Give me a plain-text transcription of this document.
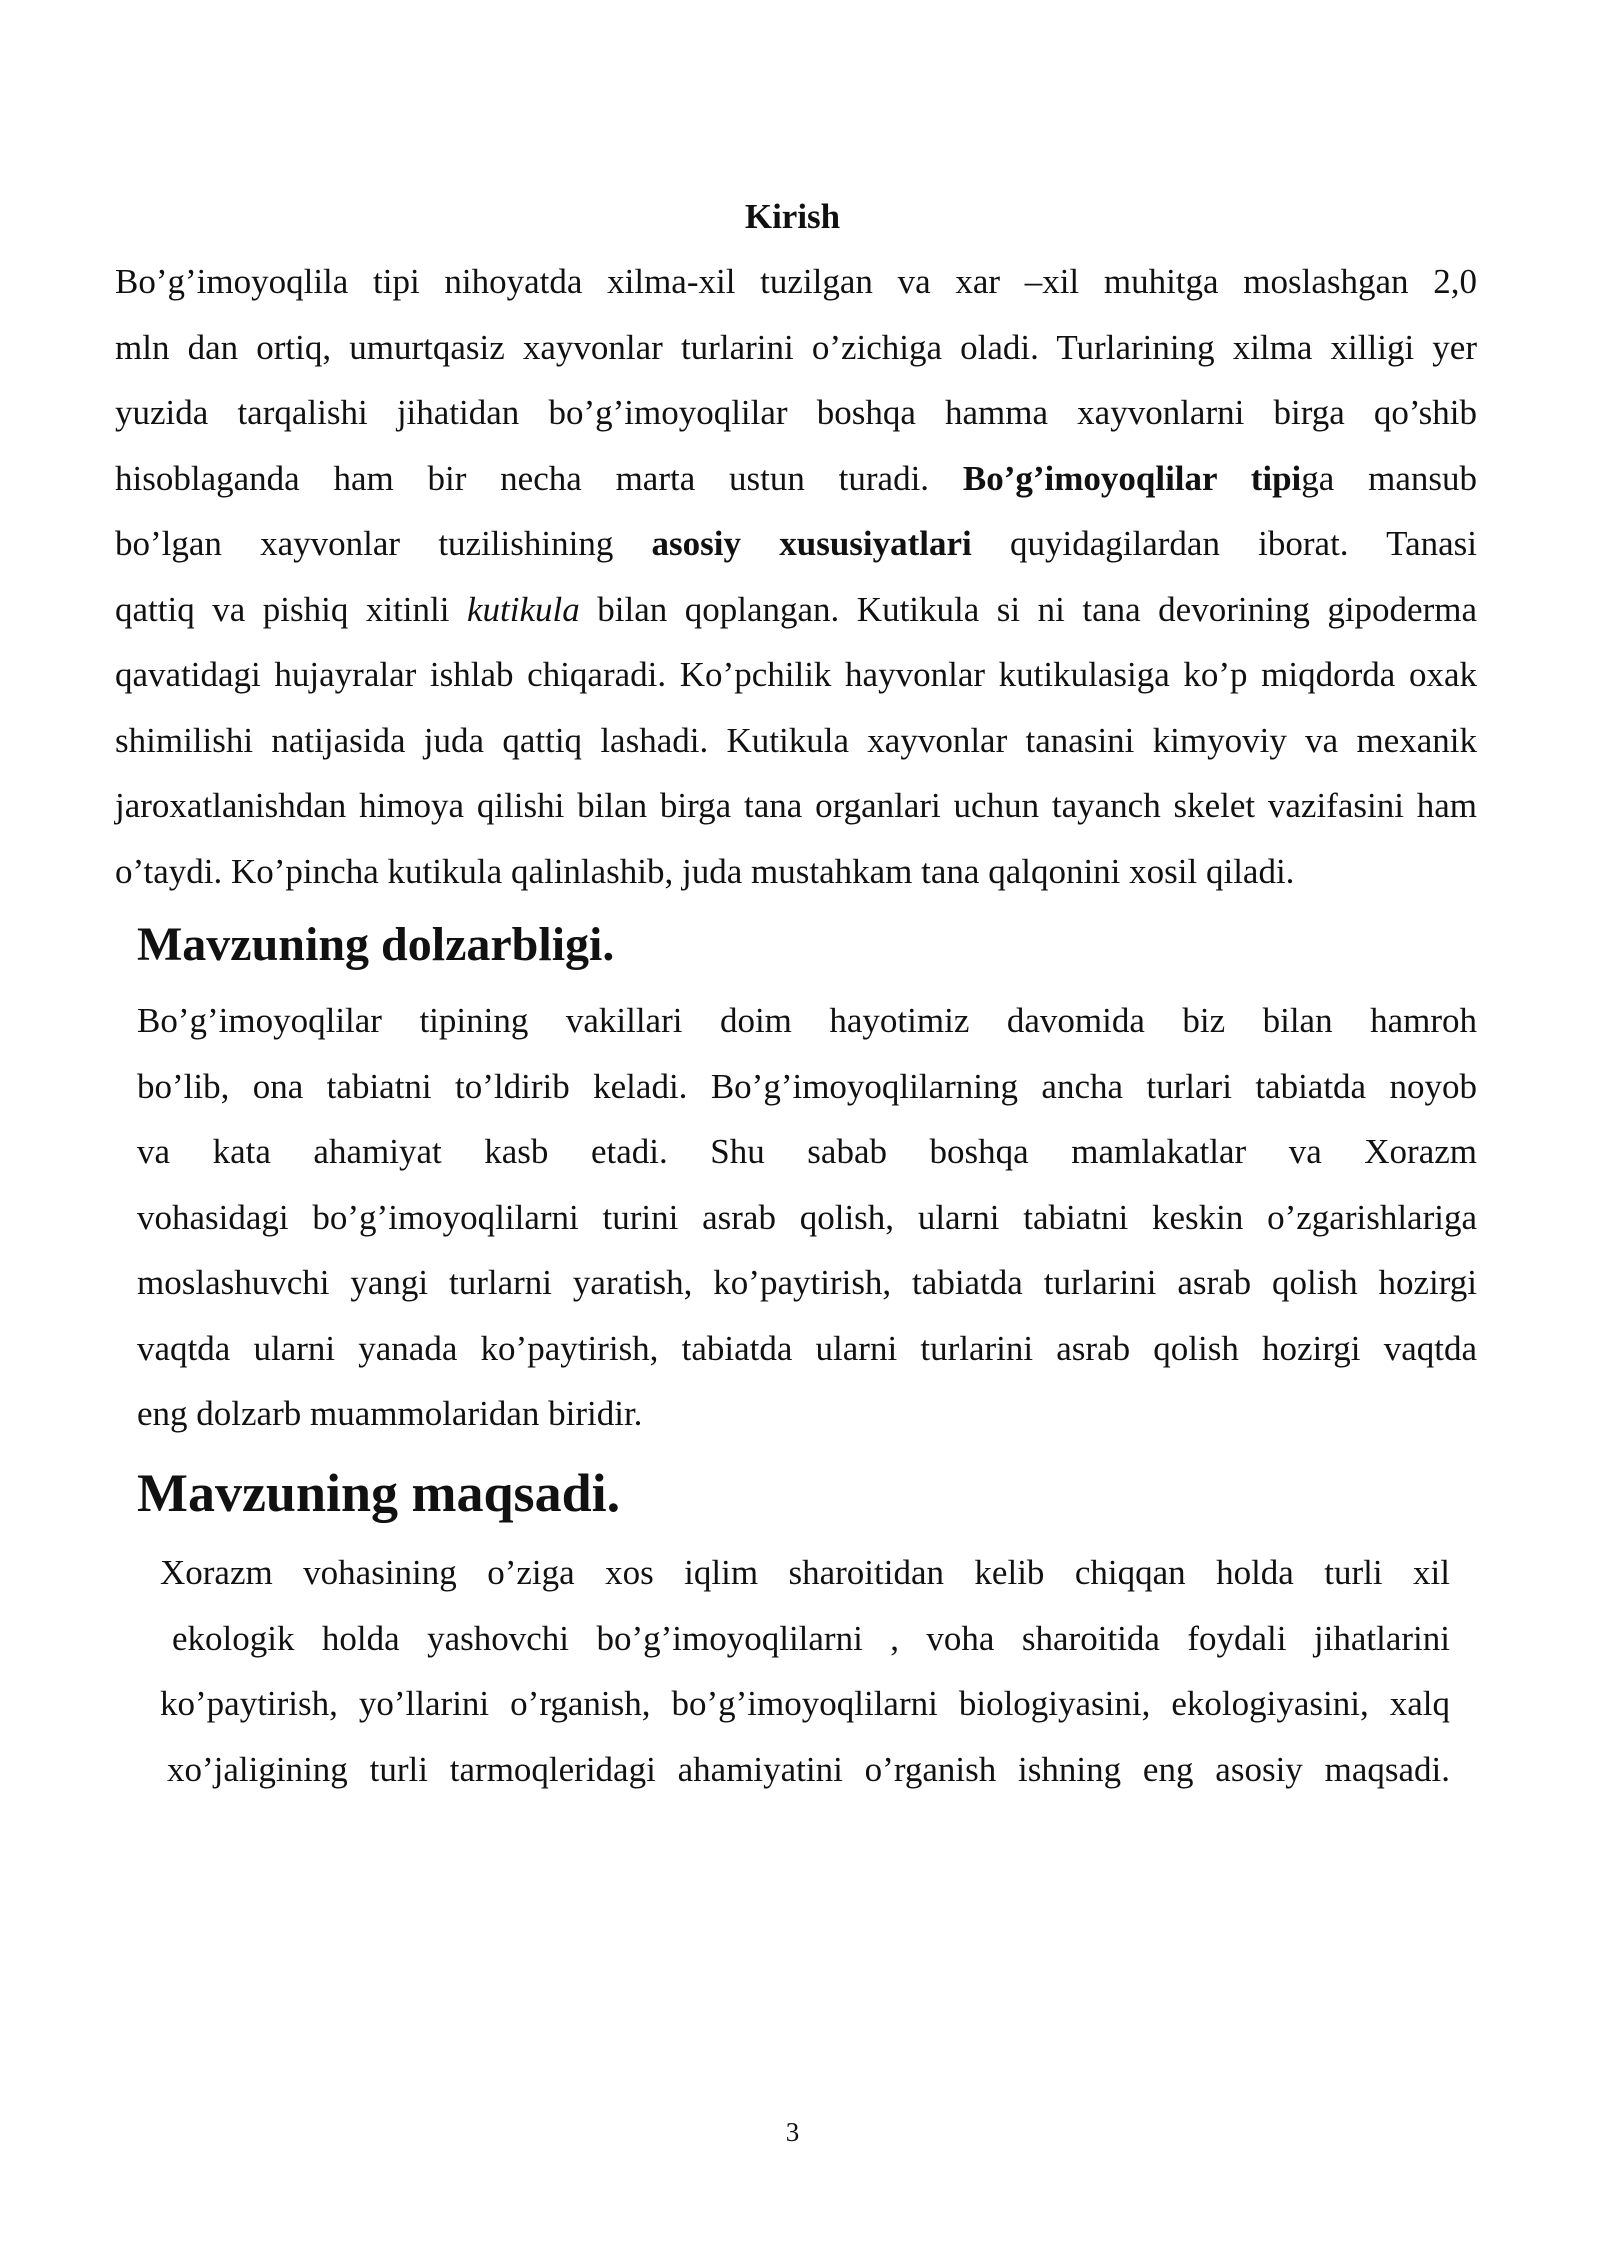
Kirish
Bo’g’imoyoqlila tipi nihoyatda xilma-xil tuzilgan va xar –xil muhitga moslashgan 2,0
mln dan ortiq, umurtqasiz xayvonlar turlarini o’zichiga oladi. Turlarining xilma xilligi yer
yuzida tarqalishi jihatidan bo’g’imoyoqlilar boshqa hamma xayvonlarni birga qo’shib
hisoblaganda ham bir necha marta ustun turadi. Bo’g’imoyoqlilar tipiga mansub
bo’lgan xayvonlar tuzilishining asosiy xususiyatlari quyidagilardan iborat. Tanasi
qattiq va pishiq xitinli kutikula bilan qoplangan. Kutikula si ni tana devorining gipoderma
qavatidagi hujayralar ishlab chiqaradi. Ko’pchilik hayvonlar kutikulasiga ko’p miqdorda oxak
shimilishi natijasida juda qattiq lashadi. Kutikula xayvonlar tanasini kimyoviy va mexanik
jaroxatlanishdan himoya qilishi bilan birga tana organlari uchun tayanch skelet vazifasini ham
o’taydi. Ko’pincha kutikula qalinlashib, juda mustahkam tana qalqonini xosil qiladi.
Mavzuning dolzarbligi.
Bo’g’imoyoqlilar tipining vakillari doim hayotimiz davomida biz bilan hamroh
bo’lib, ona tabiatni to’ldirib keladi. Bo’g’imoyoqlilarning ancha turlari tabiatda noyob
va kata ahamiyat kasb etadi. Shu sabab boshqa mamlakatlar va Xorazm
vohasidagi bo’g’imoyoqlilarni turini asrab qolish, ularni tabiatni keskin o’zgarishlariga
moslashuvchi yangi turlarni yaratish, ko’paytirish, tabiatda turlarini asrab qolish hozirgi
vaqtda ularni yanada ko’paytirish, tabiatda ularni turlarini asrab qolish hozirgi vaqtda
eng dolzarb muammolaridan biridir.
Mavzuning maqsadi.
Xorazm vohasining o’ziga xos iqlim sharoitidan kelib chiqqan holda turli xil
ekologik holda yashovchi bo’g’imoyoqlilarni , voha sharoitida foydali jihatlarini
ko’paytirish, yo’llarini o’rganish, bo’g’imoyoqlilarni biologiyasini, ekologiyasini, xalq
xo’jaligining turli tarmoqleridagi ahamiyatini o’rganish ishning eng asosiy maqsadi.
3
